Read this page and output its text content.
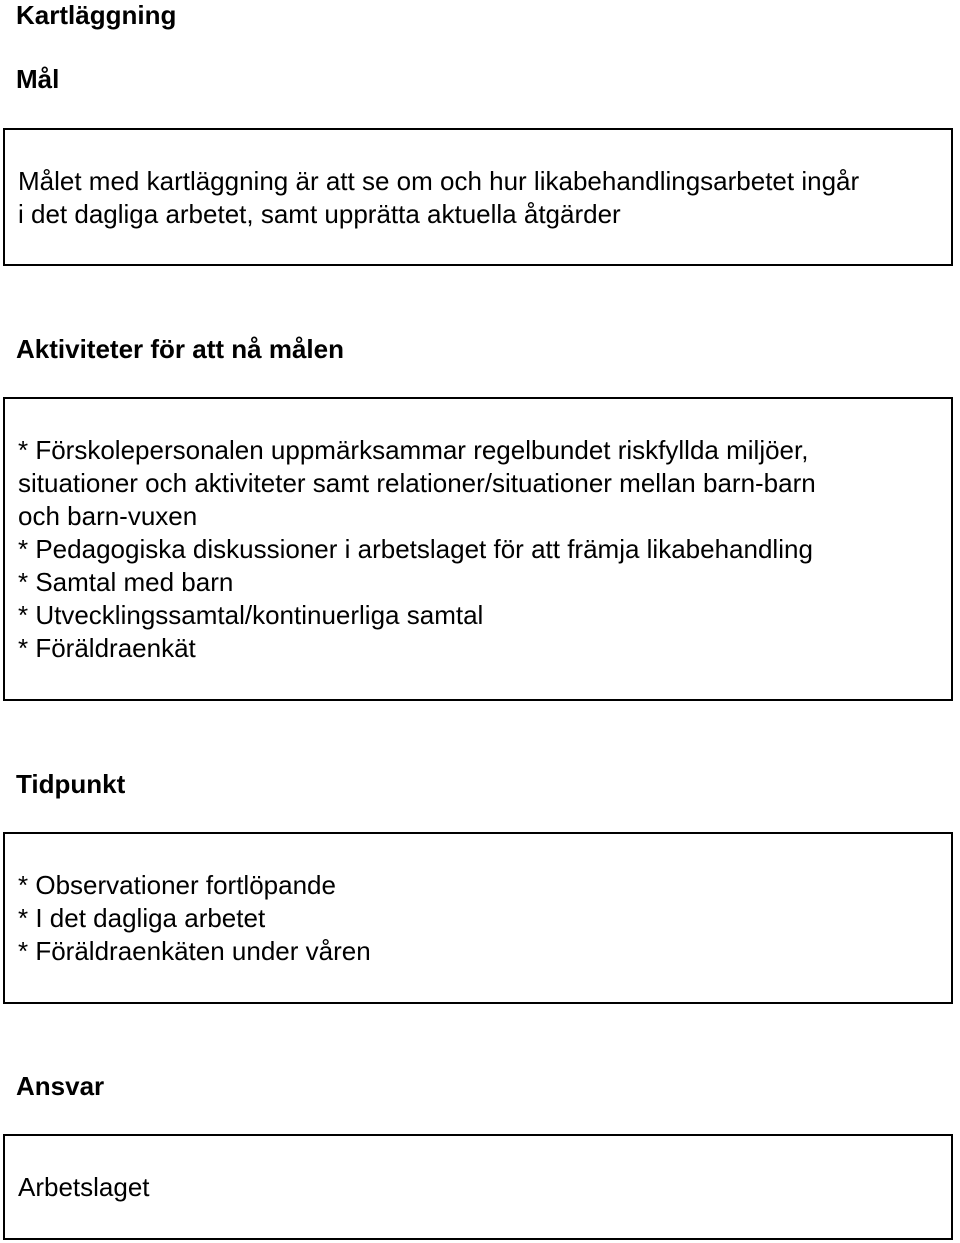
Kartläggning
Mål
Målet med kartläggning är att se om och hur likabehandlingsarbetet ingår
i det dagliga arbetet, samt upprätta aktuella åtgärder
Aktiviteter för att nå målen
* Förskolepersonalen uppmärksammar regelbundet riskfyllda miljöer,
situationer och aktiviteter samt relationer/situationer mellan barn-barn
och barn-vuxen
* Pedagogiska diskussioner i arbetslaget för att främja likabehandling
* Samtal med barn
* Utvecklingssamtal/kontinuerliga samtal
* Föräldraenkät
Tidpunkt
* Observationer fortlöpande
* I det dagliga arbetet
* Föräldraenkäten under våren
Ansvar
Arbetslaget
